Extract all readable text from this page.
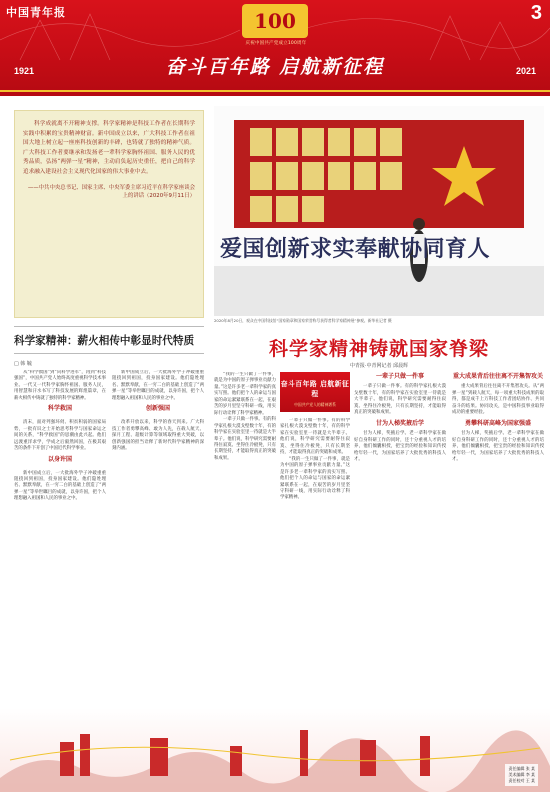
中国青年报	3
100
庆祝中国共产党成立100周年
奋斗百年路 启航新征程
1921	2021
科学成就离不开精神支撑。科学家精神是科技工作者在长期科学实践中积累的宝贵精神财富。新中国成立以来，广大科技工作者在祖国大地上树立起一座座科技创新的丰碑，也铸就了独特的精神气质。广大科技工作者要继承和发扬老一辈科学家胸怀祖国、服务人民的优秀品质，弘扬“两弹一星”精神，主动肩负起历史重任，把自己的科学追求融入建设社会主义现代化国家的伟大事业中去。
——中共中央总书记、国家主席、中央军委主席习近平在科学家座谈会上的讲话（2020年9月11日）
科学家精神：薪火相传中彰显时代特质
□ 韩 毓

从“科学救国”到“向科学进军”，再到“科技强国”，中国共产党人始终高度重视科学技术事业。一代又一代科学家胸怀祖国、服务人民，用智慧和汗水书写了科技发展的辉煌篇章，在薪火相传中铸就了独特的科学家精神。

科学救国

清末，面对列强环伺、积贫积弱的国家局势，一批有识之士开始思考科学与国家命运之间的关系，“科学救国”的思潮由此兴起。他们远渡重洋求学，学成之后毅然回国，在极其艰苦的条件下开创了中国近代科学事业。

以身许国

新中国成立后，一大批海外学子冲破重重阻挠回到祖国，投身国家建设。他们隐姓埋名、默默奉献，在一穷二白的基础上创造了“两弹一星”等举世瞩目的成就，以身许国，把个人理想融入祖国和人民的事业之中。

新中国成立后，一大批海外学子冲破重重阻挠回到祖国，投身国家建设。他们隐姓埋名、默默奉献，在一穷二白的基础上创造了“两弹一星”等举世瞩目的成就，以身许国，把个人理想融入祖国和人民的事业之中。

创新强国

改革开放以来，科学的春天到来。广大科技工作者勇攀高峰、敢为人先，在载人航天、探月工程、超级计算等领域取得重大突破，以创新强国的担当诠释了新时代科学家精神的深刻内涵。

爱国创新求实奉献协同育人
2020年8月20日，观众在中国科技馆“国家勋章和国家荣誉称号获得者科学家精神展”参观。新华社记者 摄
科学家精神铸就国家脊梁
中青报·中青网记者 邱晨辉
奋斗百年路 启航新征程
中国共产党人的精神谱系

“我的一生只做了一件事，就是为中国的原子弹事业贡献力量。”这是许多老一辈科学家的真实写照。他们把个人的命运与国家的命运紧紧联系在一起，在艰苦的岁月里坚守科研一线，用实际行动诠释了科学家精神。

一辈子只做一件事。有的科学家扎根大漠戈壁数十年，有的科学家在实验室里一待就是大半辈子。他们说，科学研究需要耐得住寂寞、坐得住冷板凳，只有长期坚持，才能取得真正的突破和成果。

一辈子只做一件事。有的科学家扎根大漠戈壁数十年，有的科学家在实验室里一待就是大半辈子。他们说，科学研究需要耐得住寂寞、坐得住冷板凳，只有长期坚持，才能取得真正的突破和成果。

“我的一生只做了一件事，就是为中国的原子弹事业贡献力量。”这是许多老一辈科学家的真实写照。他们把个人的命运与国家的命运紧紧联系在一起，在艰苦的岁月里坚守科研一线，用实际行动诠释了科学家精神。

一辈子只做一件事

一辈子只做一件事。有的科学家扎根大漠戈壁数十年，有的科学家在实验室里一待就是大半辈子。他们说，科学研究需要耐得住寂寞、坐得住冷板凳，只有长期坚持，才能取得真正的突破和成果。

甘为人梯奖掖后学

甘为人梯，奖掖后学。老一辈科学家在做好自身科研工作的同时，还十分重视人才的培养，他们倾囊相授，把宝贵的经验和知识传授给年轻一代，为国家培养了大批优秀的科技人才。

重大成果背后往往离不开集智攻关

重大成果背后往往离不开集智攻关。从“两弹一星”到载人航天，每一项重大科技成果的取得，都是成千上万科技工作者团结协作、共同奋斗的结果。协同攻关，是中国科技事业取得成功的重要经验。

勇攀科研高峰为国家强盛

甘为人梯，奖掖后学。老一辈科学家在做好自身科研工作的同时，还十分重视人才的培养，他们倾囊相授，把宝贵的经验和知识传授给年轻一代，为国家培养了大批优秀的科技人才。

责任编辑 张 某
美术编辑 李 某
责任校对 王 某
